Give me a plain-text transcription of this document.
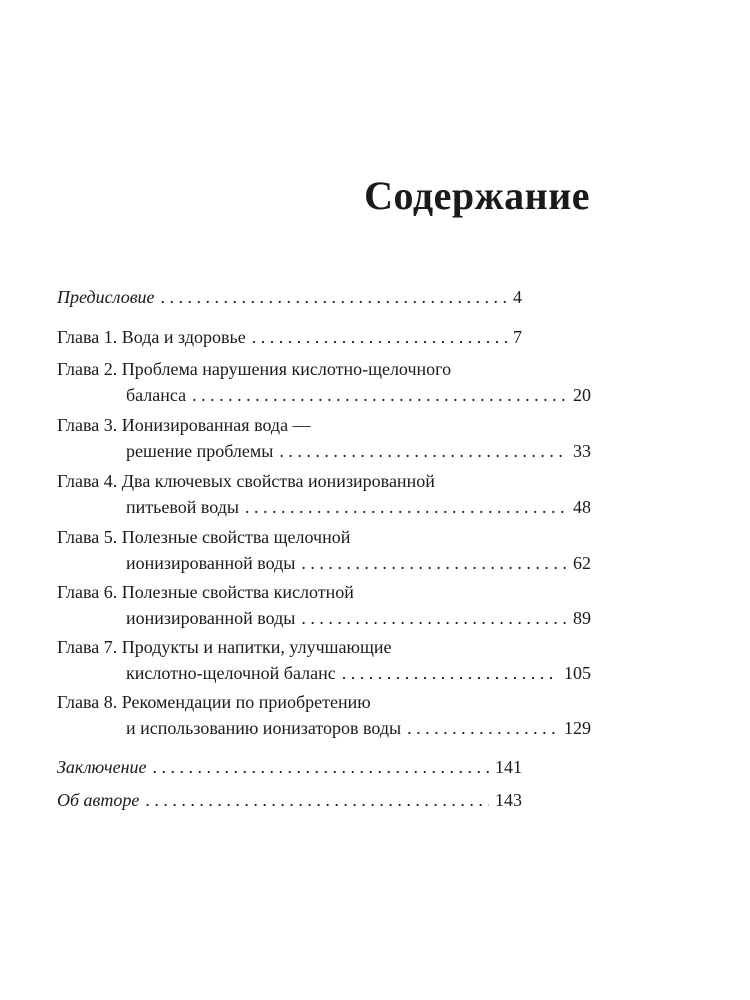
Содержание
Предисловие . . .	4
Глава 1. Вода и здоровье . . .	7
Глава 2. Проблема нарушения кислотно-щелочного
баланса . . .	20
Глава 3. Ионизированная вода —
решение проблемы . . .	33
Глава 4. Два ключевых свойства ионизированной
питьевой воды . . .	48
Глава 5. Полезные свойства щелочной
ионизированной воды . . .	62
Глава 6. Полезные свойства кислотной
ионизированной воды . . .	89
Глава 7. Продукты и напитки, улучшающие
кислотно-щелочной баланс . . .	105
Глава 8. Рекомендации по приобретению
и использованию ионизаторов воды . . .	129
Заключение . . .	141
Об авторе . . .	143
